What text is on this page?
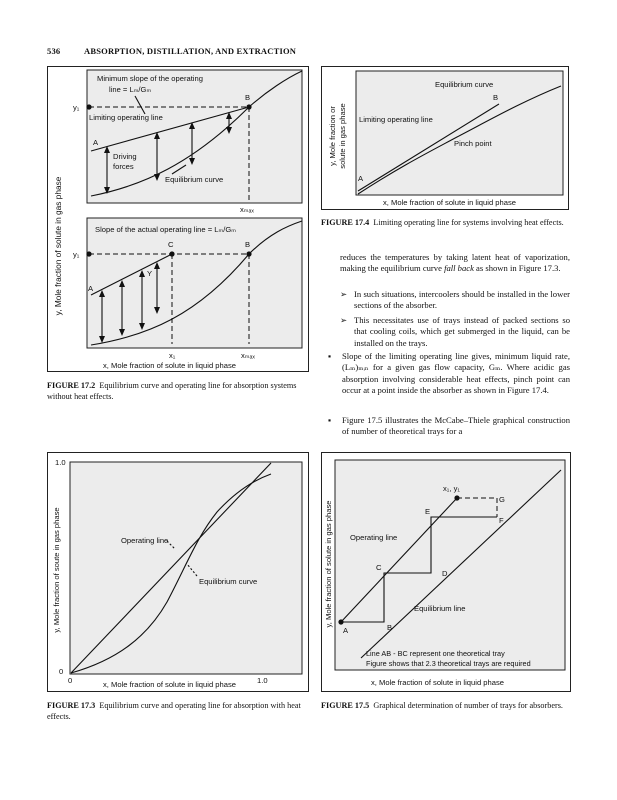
536	ABSORPTION, DISTILLATION, AND EXTRACTION
y, Mole fraction of solute in gas phase
Minimum slope of the operating
line = Lₘ/Gₘ
y₁
B
Limiting operating line
A
Driving
forces
Equilibrium curve
xₘₐₓ
Slope of the actual operating line = Lₘ/Gₘ
y₁
C	B
Y
A
x₁	xₘₐₓ
x, Mole fraction of solute in liquid phase
FIGURE 17.2 Equilibrium curve and operating line for absorption systems without heat effects.
y, Mole fraction or solute in gas phase
Equilibrium curve
B
Limiting operating line
Pinch point
A
x, Mole fraction of solute in liquid phase
FIGURE 17.4 Limiting operating line for systems involving heat effects.
reduces the temperatures by taking latent heat of vaporization, making the equilibrium curve fall back as shown in Figure 17.3.
➢ In such situations, intercoolers should be installed in the lower sections of the absorber.
➢ This necessitates use of trays instead of packed sections so that cooling coils, which get submerged in the liquid, can be installed on the trays.
▪	Slope of the limiting operating line gives, minimum liquid rate, (Lₘ)ₘᵢₙ for a given gas flow capacity, Gₘ. Where acidic gas absorption involving considerable heat effects, pinch point can occur at a point inside the absorber as shown in Figure 17.4.
▪	Figure 17.5 illustrates the McCabe–Thiele graphical construction of number of theoretical trays for a
y, Mole fraction of soute in gas phase
1.0
0
0	1.0
Operating line
Equilibrium curve
x, Mole fraction of solute in liquid phase
FIGURE 17.3 Equilibrium curve and operating line for absorption with heat effects.
y, Mole fraction of solute in gas phase
x₁, y₁
G
E
F
C
D
A	B
Operating line
Equilibrium line
Line AB - BC represent one theoretical tray
Figure shows that 2.3 theoretical trays are required
x, Mole fraction of solute in liquid phase
FIGURE 17.5 Graphical determination of number of trays for absorbers.
